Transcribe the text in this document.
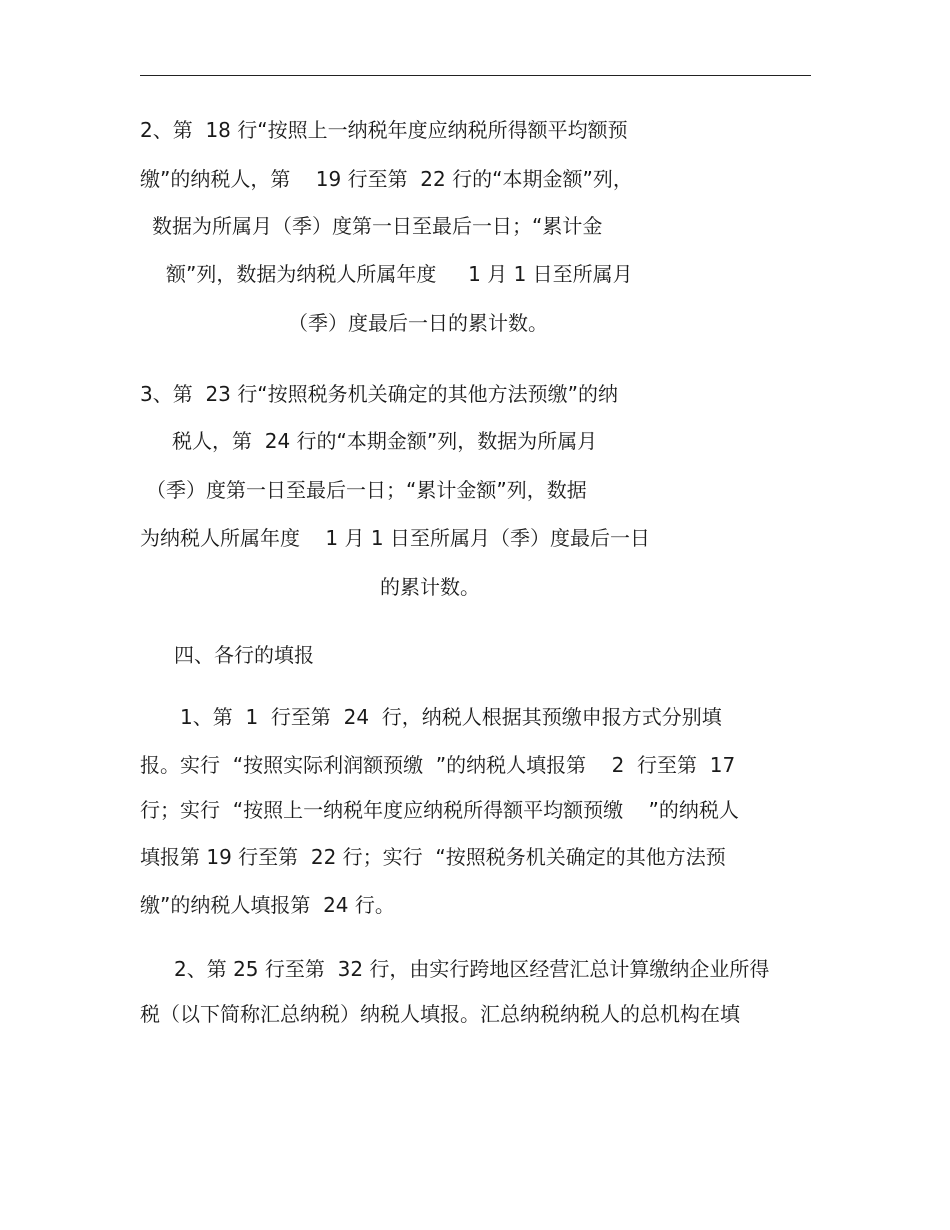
2、第  18 行“按照上一纳税年度应纳税所得额平均额预
缴”的纳税人，第    19 行至第  22 行的“本期金额”列，
数据为所属月（季）度第一日至最后一日；“累计金
额”列，数据为纳税人所属年度     1 月 1 日至所属月
（季）度最后一日的累计数。
3、第  23 行“按照税务机关确定的其他方法预缴”的纳
税人，第  24 行的“本期金额”列，数据为所属月
（季）度第一日至最后一日；“累计金额”列，数据
为纳税人所属年度    1 月 1 日至所属月（季）度最后一日
的累计数。
四、各行的填报
1、第  1  行至第  24  行，纳税人根据其预缴申报方式分别填
报。实行  “按照实际利润额预缴  ”的纳税人填报第    2  行至第  17
行；实行  “按照上一纳税年度应纳税所得额平均额预缴    ”的纳税人
填报第 19 行至第  22 行；实行  “按照税务机关确定的其他方法预
缴”的纳税人填报第  24 行。
2、第 25 行至第  32 行，由实行跨地区经营汇总计算缴纳企业所得
税（以下简称汇总纳税）纳税人填报。汇总纳税纳税人的总机构在填
